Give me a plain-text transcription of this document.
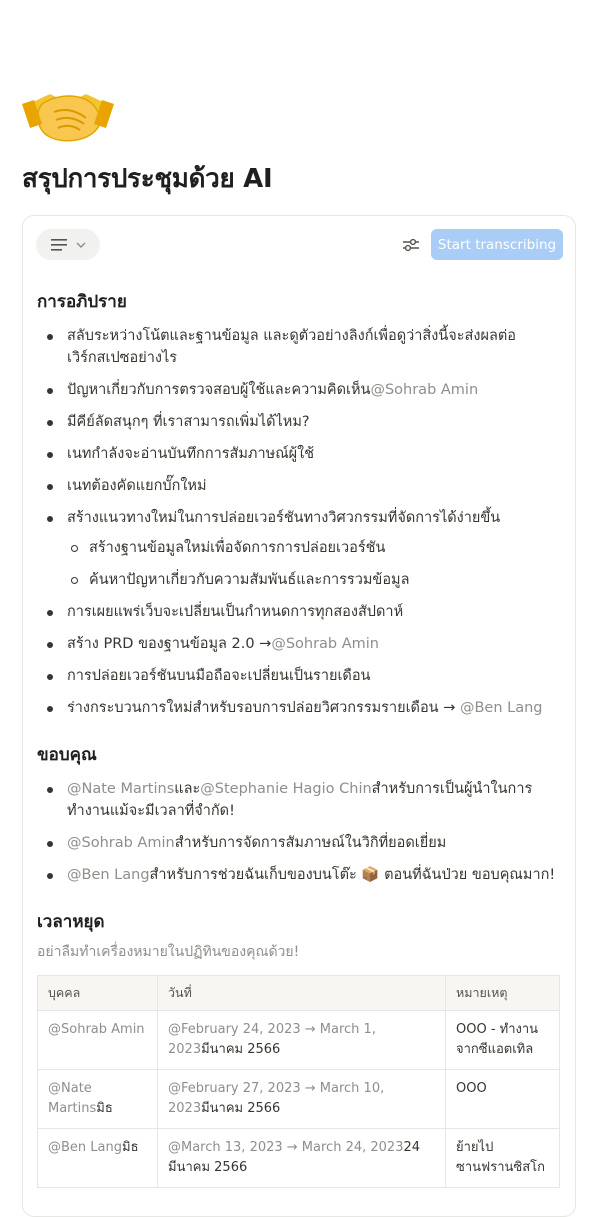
สรุปการประชุมด้วย AI
Start transcribing
การอภิปราย
สลับระหว่างโน้ตและฐานข้อมูล และดูตัวอย่างลิงก์เพื่อดูว่าสิ่งนี้จะส่งผลต่อเวิร์กสเปซอย่างไร
ปัญหาเกี่ยวกับการตรวจสอบผู้ใช้และความคิดเห็น@Sohrab Amin
มีคีย์ลัดสนุกๆ ที่เราสามารถเพิ่มได้ไหม?
เนทกำลังจะอ่านบันทึกการสัมภาษณ์ผู้ใช้
เนทต้องคัดแยกบั๊กใหม่
สร้างแนวทางใหม่ในการปล่อยเวอร์ชันทางวิศวกรรมที่จัดการได้ง่ายขึ้น
สร้างฐานข้อมูลใหม่เพื่อจัดการการปล่อยเวอร์ชัน
ค้นหาปัญหาเกี่ยวกับความสัมพันธ์และการรวมข้อมูล
การเผยแพร่เว็บจะเปลี่ยนเป็นกำหนดการทุกสองสัปดาห์
สร้าง PRD ของฐานข้อมูล 2.0 →@Sohrab Amin
การปล่อยเวอร์ชันบนมือถือจะเปลี่ยนเป็นรายเดือน
ร่างกระบวนการใหม่สำหรับรอบการปล่อยวิศวกรรมรายเดือน → @Ben Lang
ขอบคุณ
@Nate Martinsและ@Stephanie Hagio Chinสำหรับการเป็นผู้นำในการทำงานแม้จะมีเวลาที่จำกัด!
@Sohrab Aminสำหรับการจัดการสัมภาษณ์ในวิกิที่ยอดเยี่ยม
@Ben Langสำหรับการช่วยฉันเก็บของบนโต๊ะ 📦 ตอนที่ฉันป่วย ขอบคุณมาก!
เวลาหยุด
อย่าลืมทำเครื่องหมายในปฏิทินของคุณด้วย!
บุคคล	วันที่	หมายเหตุ
@Sohrab Amin	@February 24, 2023 → March 1, 2023มีนาคม 2566	OOO - ทำงานจากซีแอตเทิล
@Nate Martinsมิธ	@February 27, 2023 → March 10, 2023มีนาคม 2566	OOO
@Ben Langมิธ	@March 13, 2023 → March 24, 202324 มีนาคม 2566	ย้ายไปซานฟรานซิสโก
